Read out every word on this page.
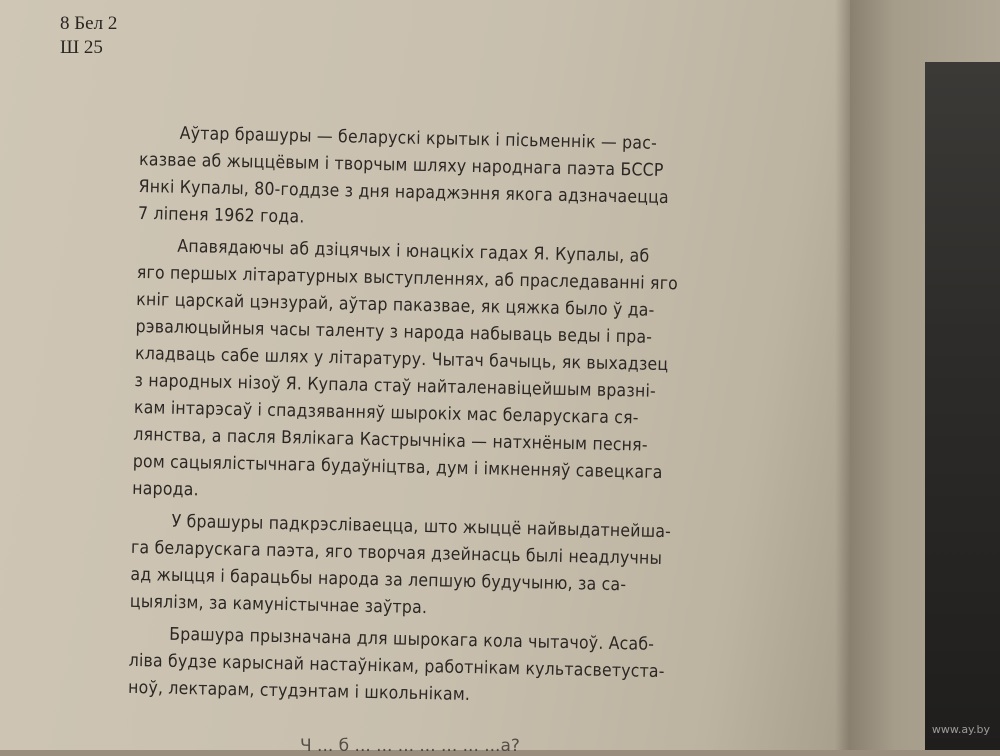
8 Бел 2
Ш 25
Аўтар брашуры — беларускі крытык і пісьменнік — рас-
казвае аб жыццёвым і творчым шляху народнага паэта БССР
Янкі Купалы, 80-годдзе з дня нараджэння якога адзначаецца
7 ліпеня 1962 года.
Апавядаючы аб дзіцячых і юнацкіх гадах Я. Купалы, аб
яго першых літаратурных выступленнях, аб праследаванні яго
кніг царскай цэнзурай, аўтар паказвае, як цяжка было ў да-
рэвалюцыйныя часы таленту з народа набываць веды і пра-
кладваць сабе шлях у літаратуру. Чытач бачыць, як выхадзец
з народных нізоў Я. Купала стаў найталенавіцейшым вразні-
кам інтарэсаў і спадзяванняў шырокіх мас беларускага ся-
лянства, а пасля Вялікага Кастрычніка — натхнёным песня-
ром сацыялістычнага будаўніцтва, дум і імкненняў савецкага
народа.
У брашуры падкрэсліваецца, што жыццё найвыдатнейша-
га беларускага паэта, яго творчая дзейнасць былі неадлучны
ад жыцця і барацьбы народа за лепшую будучыню, за са-
цыялізм, за камуністычнае заўтра.
Брашура прызначана для шырокага кола чытачоў. Асаб-
ліва будзе карыснай настаўнікам, работнікам культасветуста-
ноў, лектарам, студэнтам і школьнікам.
Ч ... б ... ... ... ... ... ... ...а?
www.ay.by
